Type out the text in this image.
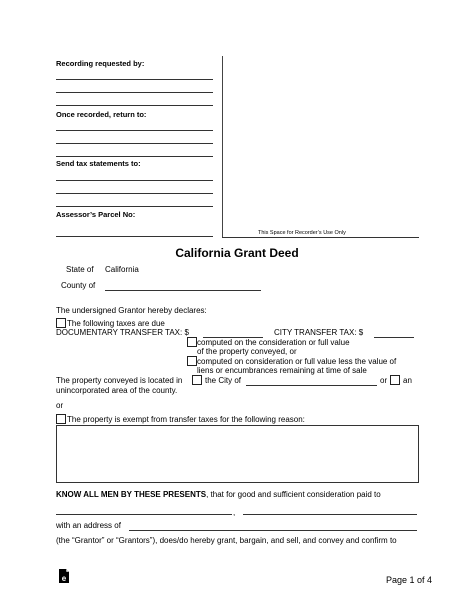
Recording requested by:
Once recorded, return to:
Send tax statements to:
Assessor’s Parcel No:
This Space for Recorder’s Use Only
California Grant Deed
State of California
County of
The undersigned Grantor hereby declares:
The following taxes are due
DOCUMENTARY TRANSFER TAX: $	CITY TRANSFER TAX: $
computed on the consideration or full value
of the property conveyed, or
computed on consideration or full value less the value of
liens or encumbrances remaining at time of sale
The property conveyed is located in	the City of	or an
unincorporated area of the county.
or
The property is exempt from transfer taxes for the following reason:
KNOW ALL MEN BY THESE PRESENTS, that for good and sufficient consideration paid to
,
with an address of
(the “Grantor” or “Grantors”), does/do hereby grant, bargain, and sell, and convey and confirm to
e	Page 1 of 4
